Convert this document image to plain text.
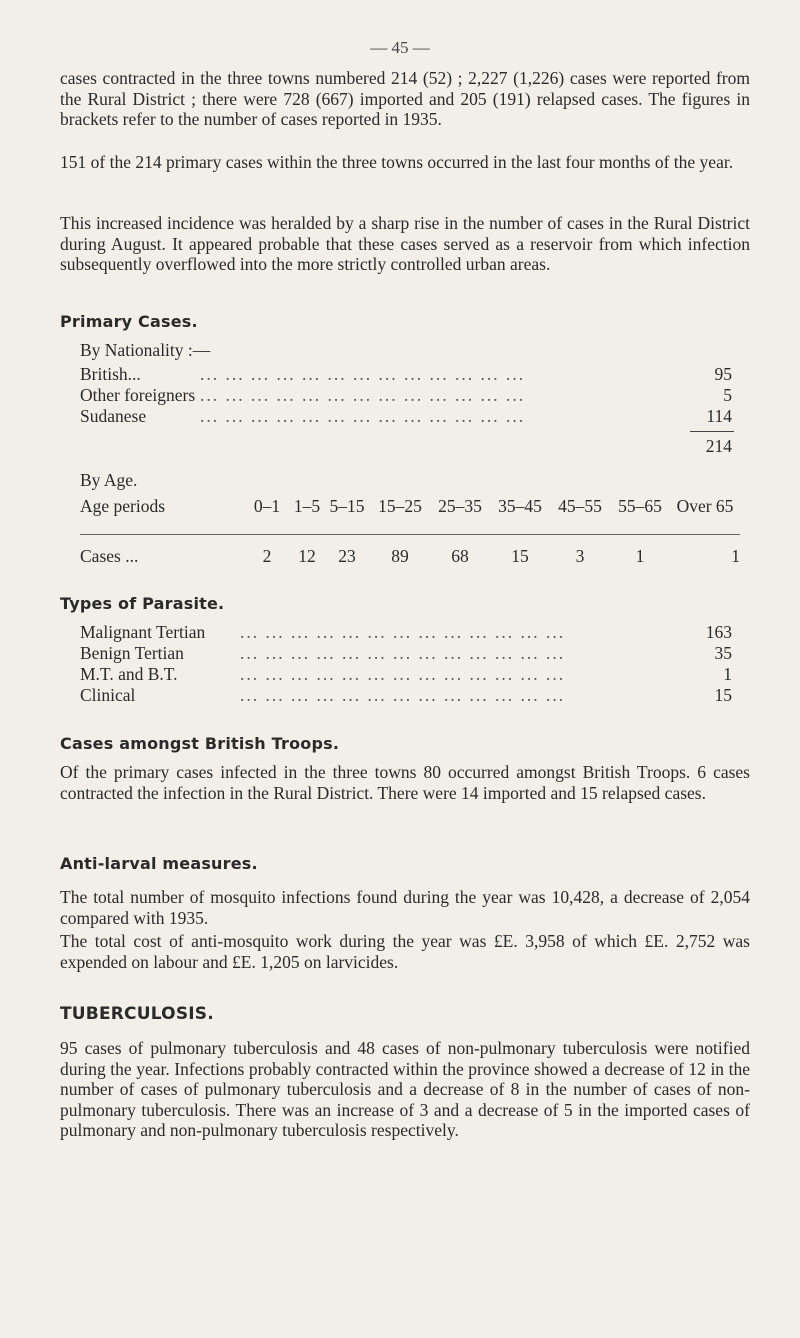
— 45 —
cases contracted in the three towns numbered 214 (52) ; 2,227 (1,226) cases were reported from the Rural District ; there were 728 (667) imported and 205 (191) relapsed cases. The figures in brackets refer to the number of cases reported in 1935.
151 of the 214 primary cases within the three towns occurred in the last four months of the year.
This increased incidence was heralded by a sharp rise in the number of cases in the Rural District during August. It appeared probable that these cases served as a reservoir from which infection subsequently overflowed into the more strictly controlled urban areas.
Primary Cases.
By Nationality :—
British...	... ... ... ... ... ... ... ... ... ... ... ... ...	95
Other foreigners ... ... ... ... ... ... ... ... ... ... ... ... ...	5
Sudanese	... ... ... ... ... ... ... ... ... ... ... ... ...	114
214
By Age.
Age periods	0–1 1–5 5–15 15–25 25–35 35–45 45–55 55–65 Over 65
Cases ...	2	12	23	89	68	15	3	1	1
Types of Parasite.
Malignant Tertian ... ... ... ... ... ... ... ... ... ... ... ... ...	163
Benign Tertian	... ... ... ... ... ... ... ... ... ... ... ... ...	35
M.T. and B.T.	... ... ... ... ... ... ... ... ... ... ... ... ...	1
Clinical	... ... ... ... ... ... ... ... ... ... ... ... ...	15
Cases amongst British Troops.
Of the primary cases infected in the three towns 80 occurred amongst British Troops. 6 cases contracted the infection in the Rural District. There were 14 imported and 15 relapsed cases.
Anti-larval measures.
The total number of mosquito infections found during the year was 10,428, a decrease of 2,054 compared with 1935.
The total cost of anti-mosquito work during the year was £E. 3,958 of which £E. 2,752 was expended on labour and £E. 1,205 on larvicides.
TUBERCULOSIS.
95 cases of pulmonary tuberculosis and 48 cases of non-pulmonary tuberculosis were notified during the year. Infections probably contracted within the province showed a decrease of 12 in the number of cases of pulmonary tuberculosis and a decrease of 8 in the number of cases of non-pulmonary tuberculosis. There was an increase of 3 and a decrease of 5 in the imported cases of pulmonary and non-pulmonary tuberculosis respectively.
